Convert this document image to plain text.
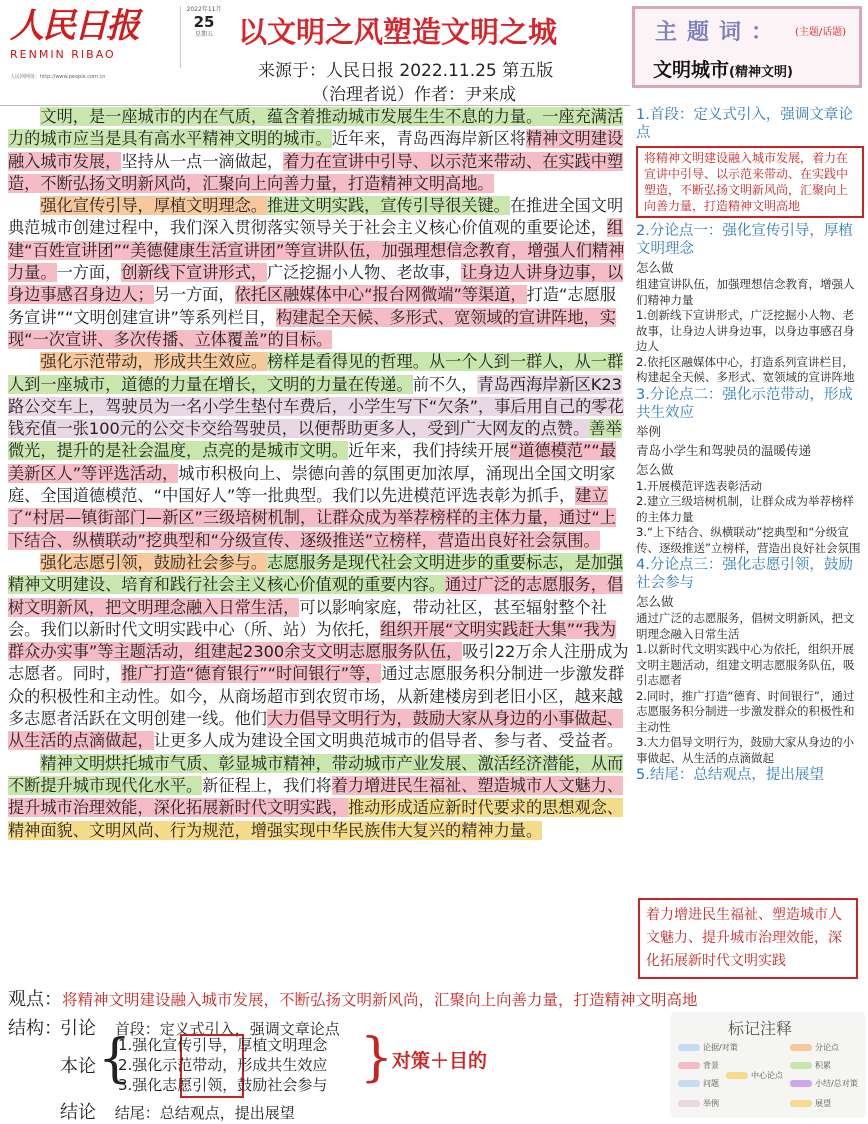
人民日报
RENMIN RIBAO
人民网网址：http://www.people.com.cn
2022年11月
25
星期五 以文明之风塑造文明之城
来源于：人民日报 2022.11.25 第五版
（治理者说）作者：尹来成
主题词： (主题/话题)
文明城市(精神文明)

文明，是一座城市的内在气质，蕴含着推动城市发展生生不息的力量。一座充满活力的城市应当是具有高水平精神文明的城市。近年来，青岛西海岸新区将精神文明建设融入城市发展，坚持从一点一滴做起，着力在宣讲中引导、以示范来带动、在实践中塑造，不断弘扬文明新风尚，汇聚向上向善力量，打造精神文明高地。

强化宣传引导，厚植文明理念。推进文明实践，宣传引导很关键。在推进全国文明典范城市创建过程中，我们深入贯彻落实领导关于社会主义核心价值观的重要论述，组建“百姓宣讲团”“美德健康生活宣讲团”等宣讲队伍，加强理想信念教育，增强人们精神力量。一方面，创新线下宣讲形式，广泛挖掘小人物、老故事，让身边人讲身边事，以身边事感召身边人；另一方面，依托区融媒体中心“报台网微端”等渠道，打造“志愿服务宣讲”“文明创建宣讲”等系列栏目，构建起全天候、多形式、宽领域的宣讲阵地，实现“一次宣讲、多次传播、立体覆盖”的目标。

强化示范带动，形成共生效应。榜样是看得见的哲理。从一个人到一群人，从一群人到一座城市，道德的力量在增长，文明的力量在传递。前不久，青岛西海岸新区K23路公交车上，驾驶员为一名小学生垫付车费后，小学生写下“欠条”，事后用自己的零花钱充值一张100元的公交卡交给驾驶员，以便帮助更多人，受到广大网友的点赞。善举微光，提升的是社会温度，点亮的是城市文明。近年来，我们持续开展“道德模范”“最美新区人”等评选活动，城市积极向上、崇德向善的氛围更加浓厚，涌现出全国文明家庭、全国道德模范、“中国好人”等一批典型。我们以先进模范评选表彰为抓手，建立了“村居—镇街部门—新区”三级培树机制，让群众成为举荐榜样的主体力量，通过“上下结合、纵横联动”挖典型和“分级宣传、逐级推送”立榜样，营造出良好社会氛围。

强化志愿引领，鼓励社会参与。志愿服务是现代社会文明进步的重要标志，是加强精神文明建设、培育和践行社会主义核心价值观的重要内容。通过广泛的志愿服务，倡树文明新风，把文明理念融入日常生活，可以影响家庭，带动社区，甚至辐射整个社会。我们以新时代文明实践中心（所、站）为依托，组织开展“文明实践赶大集”“我为群众办实事”等主题活动，组建起2300余支文明志愿服务队伍，吸引22万余人注册成为志愿者。同时，推广打造“德育银行”“时间银行”等，通过志愿服务积分制进一步激发群众的积极性和主动性。如今，从商场超市到农贸市场，从新建楼房到老旧小区，越来越多志愿者活跃在文明创建一线。他们大力倡导文明行为，鼓励大家从身边的小事做起、从生活的点滴做起，让更多人成为建设全国文明典范城市的倡导者、参与者、受益者。

精神文明烘托城市气质、彰显城市精神，带动城市产业发展、激活经济潜能，从而不断提升城市现代化水平。新征程上，我们将着力增进民生福祉、塑造城市人文魅力、提升城市治理效能，深化拓展新时代文明实践，推动形成适应新时代要求的思想观念、精神面貌、文明风尚、行为规范，增强实现中华民族伟大复兴的精神力量。

1.首段：定义式引入，强调文章论点
将精神文明建设融入城市发展，着力在宣讲中引导、以示范来带动、在实践中塑造，不断弘扬文明新风尚，汇聚向上向善力量，打造精神文明高地
2.分论点一：强化宣传引导，厚植文明理念
怎么做
组建宣讲队伍，加强理想信念教育，增强人们精神力量
1.创新线下宣讲形式，广泛挖掘小人物、老故事，让身边人讲身边事，以身边事感召身边人
2.依托区融媒体中心，打造系列宣讲栏目，构建起全天候、多形式、宽领域的宣讲阵地
3.分论点二：强化示范带动，形成共生效应
举例
青岛小学生和驾驶员的温暖传递
怎么做
1.开展模范评选表彰活动
2.建立三级培树机制，让群众成为举荐榜样的主体力量
3.“上下结合、纵横联动”挖典型和“分级宣传、逐级推送”立榜样，营造出良好社会氛围
4.分论点三：强化志愿引领，鼓励社会参与
怎么做
通过广泛的志愿服务，倡树文明新风，把文明理念融入日常生活
1.以新时代文明实践中心为依托，组织开展文明主题活动，组建文明志愿服务队伍，吸引志愿者
2.同时，推广打造“德育、时间银行”，通过志愿服务积分制进一步激发群众的积极性和主动性
3.大力倡导文明行为，鼓励大家从身边的小事做起、从生活的点滴做起
5.结尾：总结观点，提出展望
着力增进民生福祉、塑造城市人文魅力、提升城市治理效能，深化拓展新时代文明实践
观点：将精神文明建设融入城市发展，不断弘扬文明新风尚，汇聚向上向善力量，打造精神文明高地
结构：
引论 首段：定义式引入，强调文章论点
本论 {
1.强化宣传引导，厚植文明理念
2.强化示范带动，形成共生效应
3.强化志愿引领，鼓励社会参与 }
对策＋目的
结论 结尾：总结观点，提出展望
标记注释
论据/对策	分论点
背景	积累
中心论点
问题	小结/总对策
举例	展望
